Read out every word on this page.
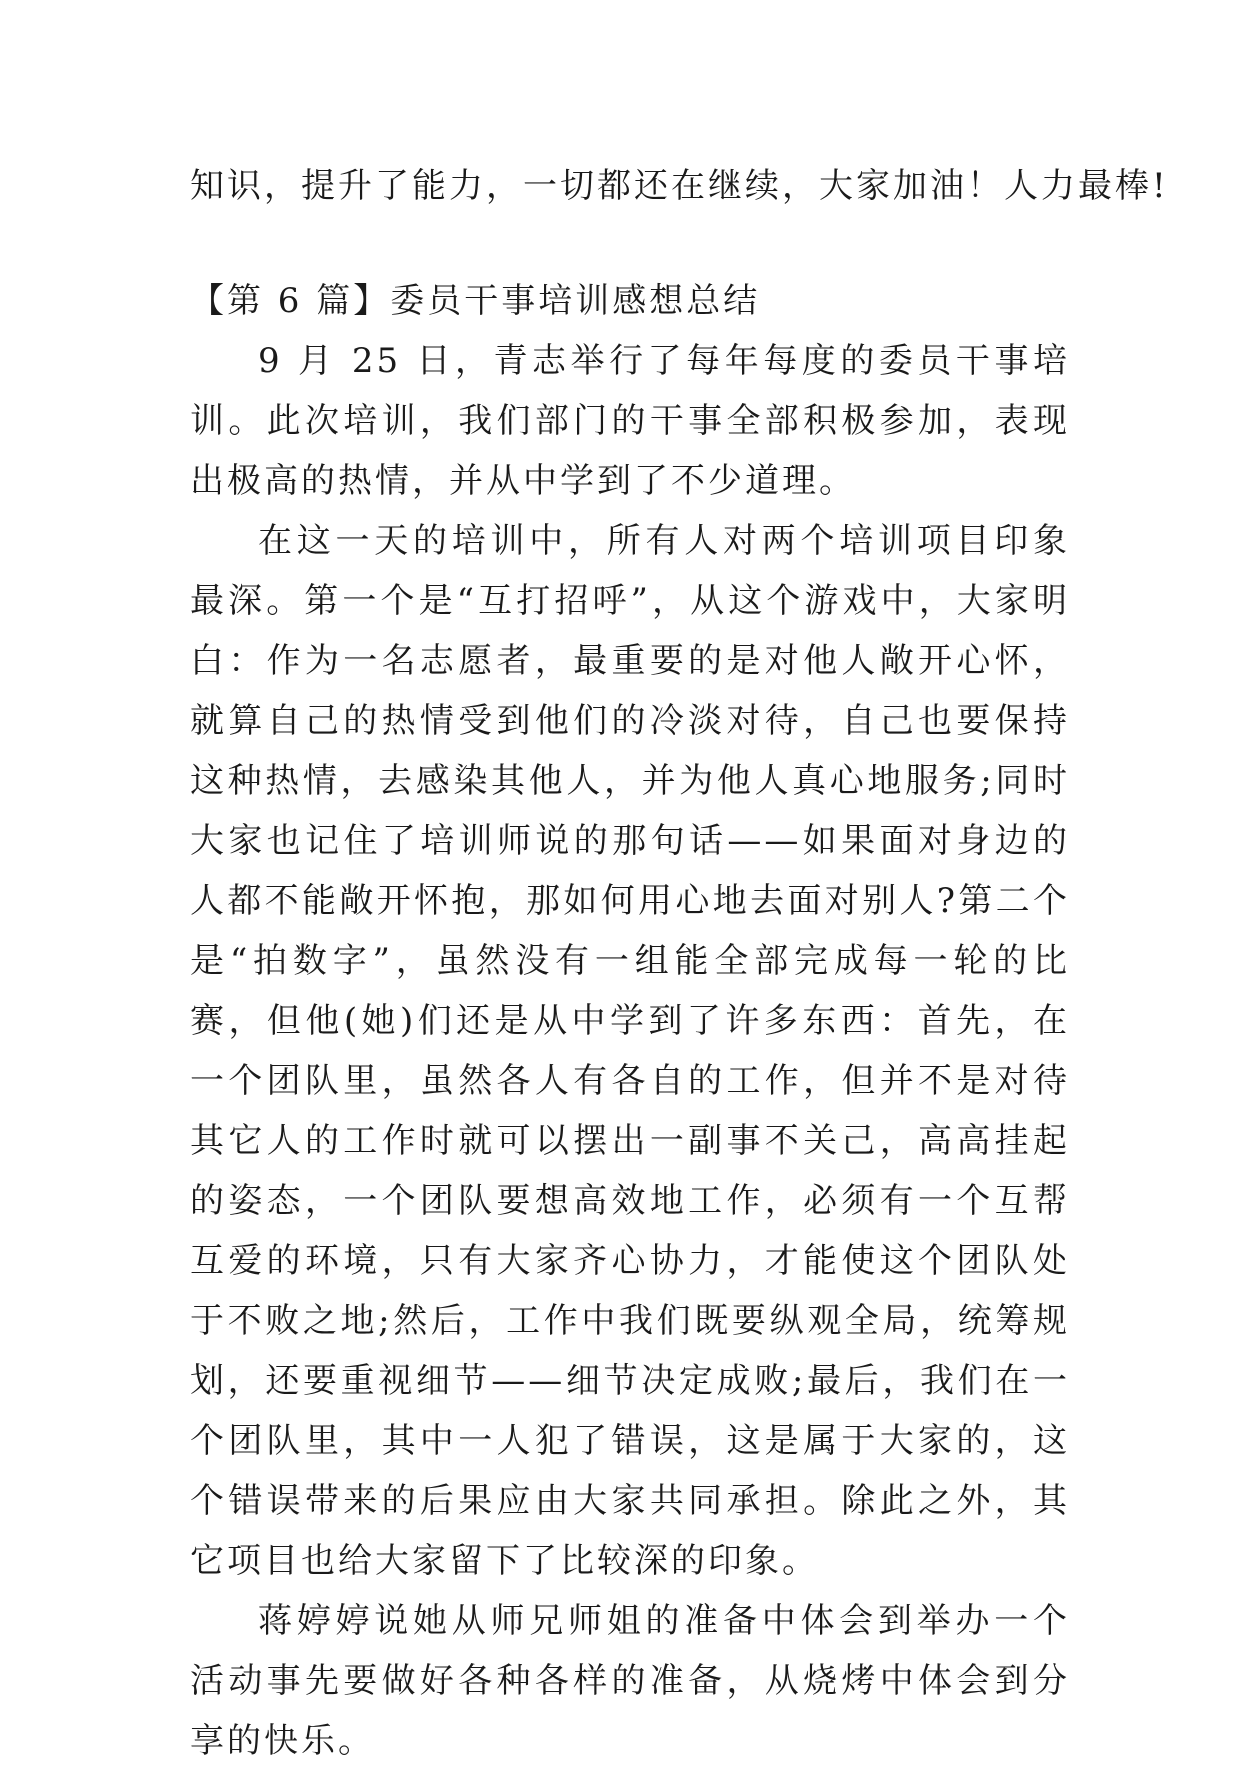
知识，提升了能力，一切都还在继续，大家加油！人力最棒!
【第 6 篇】委员干事培训感想总结

9 月 25 日，青志举行了每年每度的委员干事培训。此次培训，我们部门的干事全部积极参加，表现出极高的热情，并从中学到了不少道理。

在这一天的培训中，所有人对两个培训项目印象最深。第一个是“互打招呼”，从这个游戏中，大家明白：作为一名志愿者，最重要的是对他人敞开心怀，就算自己的热情受到他们的冷淡对待，自己也要保持这种热情，去感染其他人，并为他人真心地服务;同时大家也记住了培训师说的那句话——如果面对身边的人都不能敞开怀抱，那如何用心地去面对别人?第二个是“拍数字”，虽然没有一组能全部完成每一轮的比赛，但他(她)们还是从中学到了许多东西：首先，在一个团队里，虽然各人有各自的工作，但并不是对待其它人的工作时就可以摆出一副事不关己，高高挂起的姿态，一个团队要想高效地工作，必须有一个互帮互爱的环境，只有大家齐心协力，才能使这个团队处于不败之地;然后，工作中我们既要纵观全局，统筹规划，还要重视细节——细节决定成败;最后，我们在一个团队里，其中一人犯了错误，这是属于大家的，这个错误带来的后果应由大家共同承担。除此之外，其它项目也给大家留下了比较深的印象。

蒋婷婷说她从师兄师姐的准备中体会到举办一个活动事先要做好各种各样的准备，从烧烤中体会到分享的快乐。
